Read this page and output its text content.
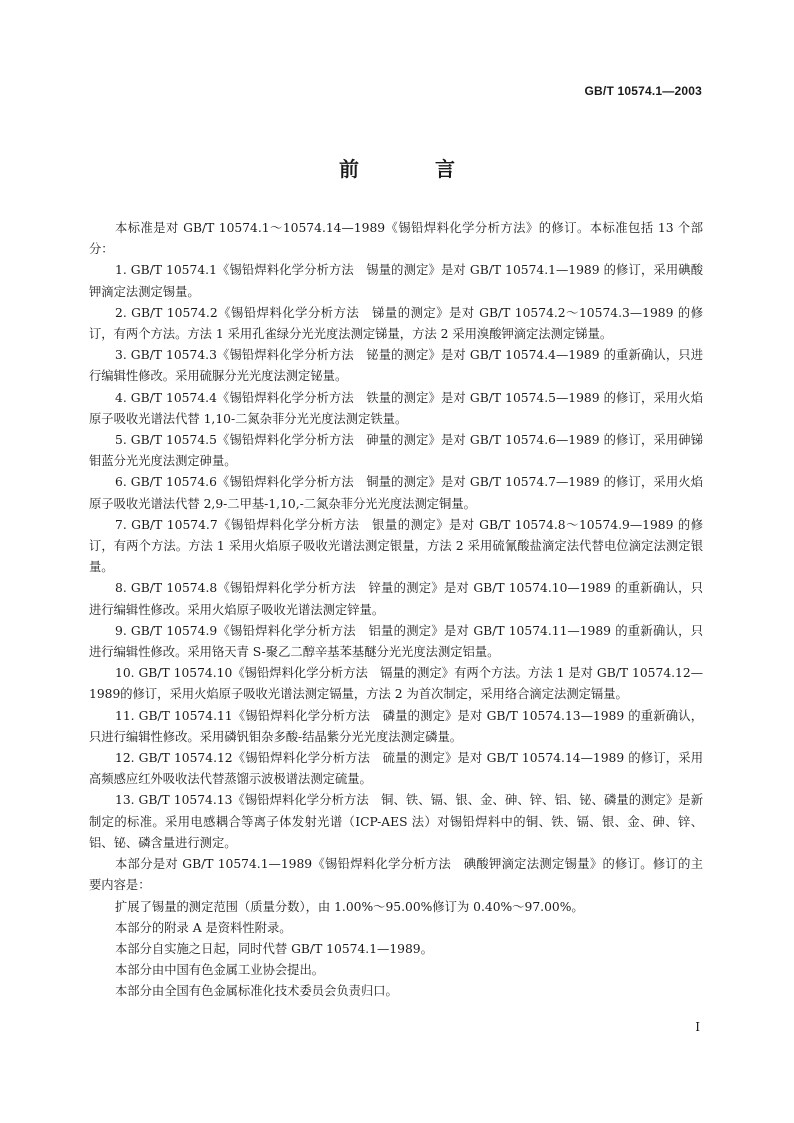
GB/T 10574.1—2003
前　言

本标准是对 GB/T 10574.1～10574.14—1989《锡铅焊料化学分析方法》的修订。本标准包括 13 个部分：

1. GB/T 10574.1《锡铅焊料化学分析方法　锡量的测定》是对 GB/T 10574.1—1989 的修订，采用碘酸钾滴定法测定锡量。

2. GB/T 10574.2《锡铅焊料化学分析方法　锑量的测定》是对 GB/T 10574.2～10574.3—1989 的修订，有两个方法。方法 1 采用孔雀绿分光光度法测定锑量，方法 2 采用溴酸钾滴定法测定锑量。

3. GB/T 10574.3《锡铅焊料化学分析方法　铋量的测定》是对 GB/T 10574.4—1989 的重新确认，只进行编辑性修改。采用硫脲分光光度法测定铋量。

4. GB/T 10574.4《锡铅焊料化学分析方法　铁量的测定》是对 GB/T 10574.5—1989 的修订，采用火焰原子吸收光谱法代替 1,10-二氮杂菲分光光度法测定铁量。

5. GB/T 10574.5《锡铅焊料化学分析方法　砷量的测定》是对 GB/T 10574.6—1989 的修订，采用砷锑钼蓝分光光度法测定砷量。

6. GB/T 10574.6《锡铅焊料化学分析方法　铜量的测定》是对 GB/T 10574.7—1989 的修订，采用火焰原子吸收光谱法代替 2,9-二甲基-1,10,-二氮杂菲分光光度法测定铜量。

7. GB/T 10574.7《锡铅焊料化学分析方法　银量的测定》是对 GB/T 10574.8～10574.9—1989 的修订，有两个方法。方法 1 采用火焰原子吸收光谱法测定银量，方法 2 采用硫氰酸盐滴定法代替电位滴定法测定银量。

8. GB/T 10574.8《锡铅焊料化学分析方法　锌量的测定》是对 GB/T 10574.10—1989 的重新确认，只进行编辑性修改。采用火焰原子吸收光谱法测定锌量。

9. GB/T 10574.9《锡铅焊料化学分析方法　铝量的测定》是对 GB/T 10574.11—1989 的重新确认，只进行编辑性修改。采用铬天青 S-聚乙二醇辛基苯基醚分光光度法测定铝量。

10. GB/T 10574.10《锡铅焊料化学分析方法　镉量的测定》有两个方法。方法 1 是对 GB/T 10574.12—1989的修订，采用火焰原子吸收光谱法测定镉量，方法 2 为首次制定，采用络合滴定法测定镉量。

11. GB/T 10574.11《锡铅焊料化学分析方法　磷量的测定》是对 GB/T 10574.13—1989 的重新确认，只进行编辑性修改。采用磷钒钼杂多酸-结晶紫分光光度法测定磷量。

12. GB/T 10574.12《锡铅焊料化学分析方法　硫量的测定》是对 GB/T 10574.14—1989 的修订，采用高频感应红外吸收法代替蒸馏示波极谱法测定硫量。

13. GB/T 10574.13《锡铅焊料化学分析方法　铜、铁、镉、银、金、砷、锌、铝、铋、磷量的测定》是新制定的标准。采用电感耦合等离子体发射光谱（ICP-AES 法）对锡铅焊料中的铜、铁、镉、银、金、砷、锌、铝、铋、磷含量进行测定。

本部分是对 GB/T 10574.1—1989《锡铅焊料化学分析方法　碘酸钾滴定法测定锡量》的修订。修订的主要内容是：

扩展了锡量的测定范围（质量分数），由 1.00%～95.00%修订为 0.40%～97.00%。

本部分的附录 A 是资料性附录。

本部分自实施之日起，同时代替 GB/T 10574.1—1989。

本部分由中国有色金属工业协会提出。

本部分由全国有色金属标准化技术委员会负责归口。

I
